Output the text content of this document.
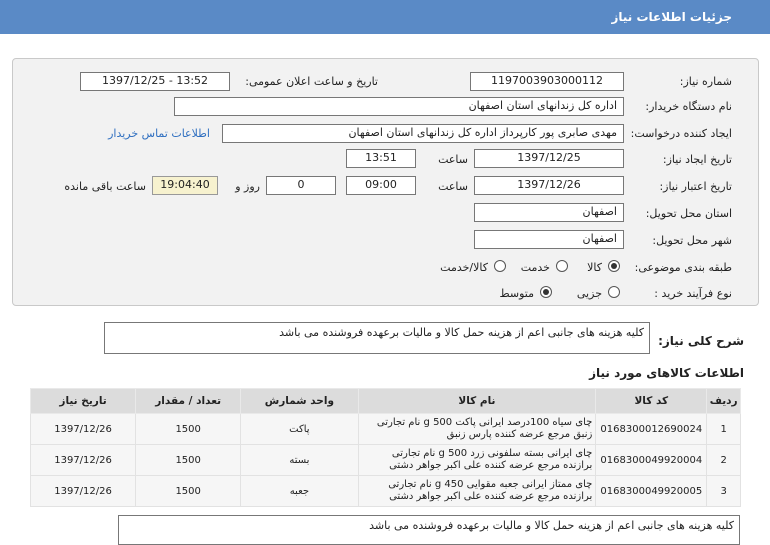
جزئیات اطلاعات نیاز
شماره نیاز:
1197003903000112
تاریخ و ساعت اعلان عمومی:
1397/12/25 - 13:52
نام دستگاه خریدار:
اداره کل زندانهای استان اصفهان
ایجاد کننده درخواست:
مهدی صابری پور کارپرداز اداره کل زندانهای استان اصفهان
اطلاعات تماس خریدار
تاریخ ایجاد نیاز:
1397/12/25
ساعت
13:51
تاریخ اعتبار نیاز:
1397/12/26
ساعت
09:00
0
روز و
19:04:40
ساعت باقی مانده
استان محل تحویل:
اصفهان
شهر محل تحویل:
اصفهان
طبقه بندی موضوعی:
کالا
خدمت
کالا/خدمت
نوع فرآیند خرید :
جزیی
متوسط
شرح کلی نیاز:
کلیه هزینه های جانبی اعم از هزینه حمل کالا و مالیات برعهده فروشنده می باشد
اطلاعات کالاهای مورد نیاز
ردیف	کد کالا	نام کالا	واحد شمارش	تعداد / مقدار	تاریخ نیاز
1	0168300012690024	چای سیاه 100درصد ایرانی پاکت 500 g نام تجارتی زنبق مرجع عرضه کننده پارس زنبق	پاکت	1500	1397/12/26
2	0168300049920004	چای ایرانی بسته سلفونی زرد 500 g نام تجارتی برازنده مرجع عرضه کننده علی اکبر جواهر دشتی	بسته	1500	1397/12/26
3	0168300049920005	چای ممتاز ایرانی جعبه مقوایی 450 g نام تجارتی برازنده مرجع عرضه کننده علی اکبر جواهر دشتی	جعبه	1500	1397/12/26
کلیه هزینه های جانبی اعم از هزینه حمل کالا و مالیات برعهده فروشنده می باشد
